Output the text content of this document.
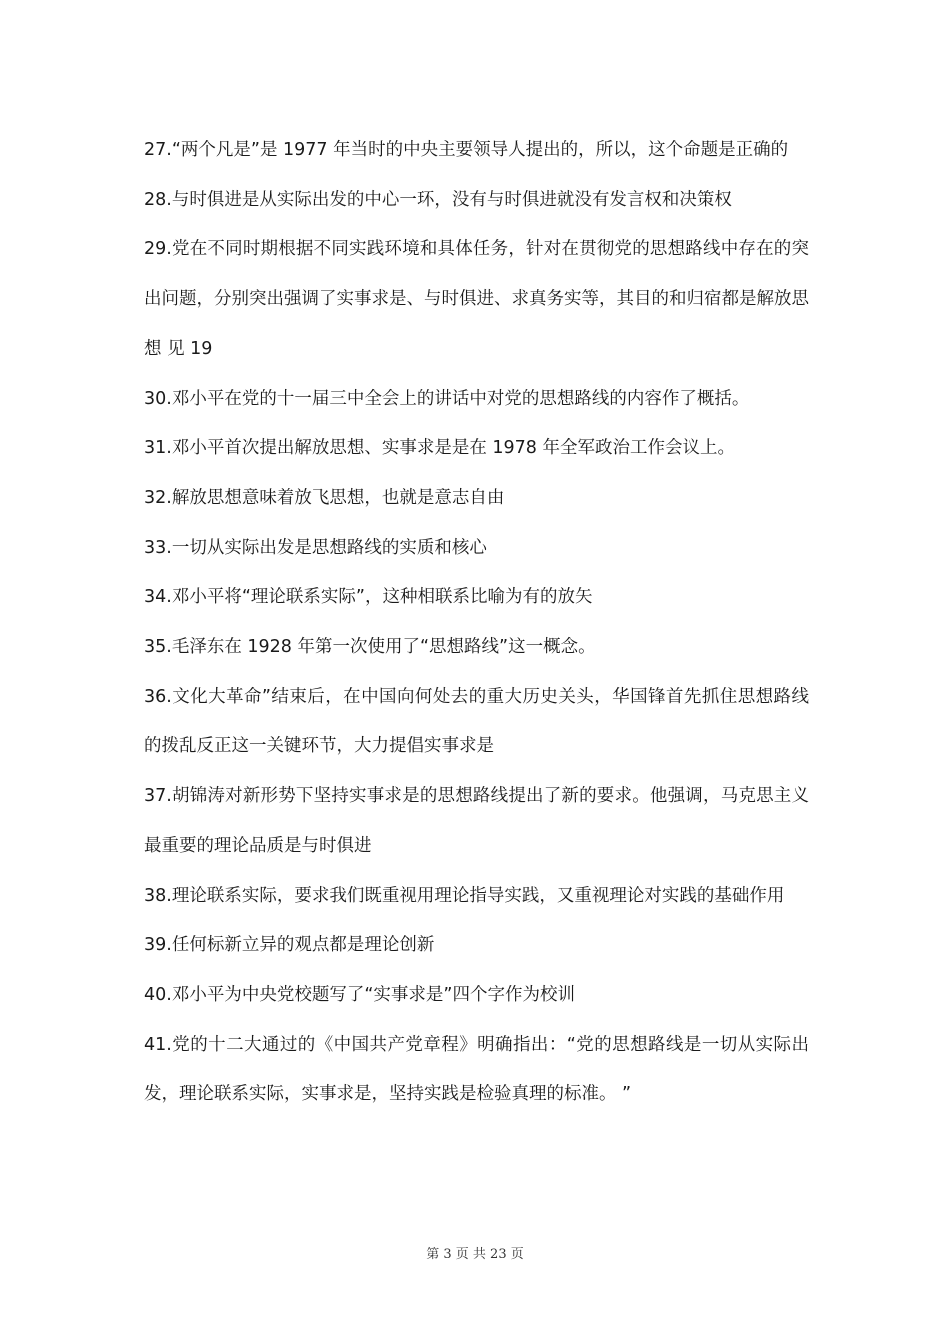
27.“两个凡是”是 1977 年当时的中央主要领导人提出的，所以，这个命题是正确的
28.与时俱进是从实际出发的中心一环，没有与时俱进就没有发言权和决策权
29.党在不同时期根据不同实践环境和具体任务，针对在贯彻党的思想路线中存在的突出问题，分别突出强调了实事求是、与时俱进、求真务实等，其目的和归宿都是解放思想 见 19
30.邓小平在党的十一届三中全会上的讲话中对党的思想路线的内容作了概括。
31.邓小平首次提出解放思想、实事求是是在 1978 年全军政治工作会议上。
32.解放思想意味着放飞思想，也就是意志自由
33.一切从实际出发是思想路线的实质和核心
34.邓小平将“理论联系实际”，这种相联系比喻为有的放矢
35.毛泽东在 1928 年第一次使用了“思想路线”这一概念。
36.文化大革命”结束后，在中国向何处去的重大历史关头，华国锋首先抓住思想路线的拨乱反正这一关键环节，大力提倡实事求是
37.胡锦涛对新形势下坚持实事求是的思想路线提出了新的要求。他强调，马克思主义最重要的理论品质是与时俱进
38.理论联系实际，要求我们既重视用理论指导实践，又重视理论对实践的基础作用
39.任何标新立异的观点都是理论创新
40.邓小平为中央党校题写了“实事求是”四个字作为校训
41.党的十二大通过的《中国共产党章程》明确指出：“党的思想路线是一切从实际出发，理论联系实际，实事求是，坚持实践是检验真理的标准。 ”
第 3 页 共 23 页
